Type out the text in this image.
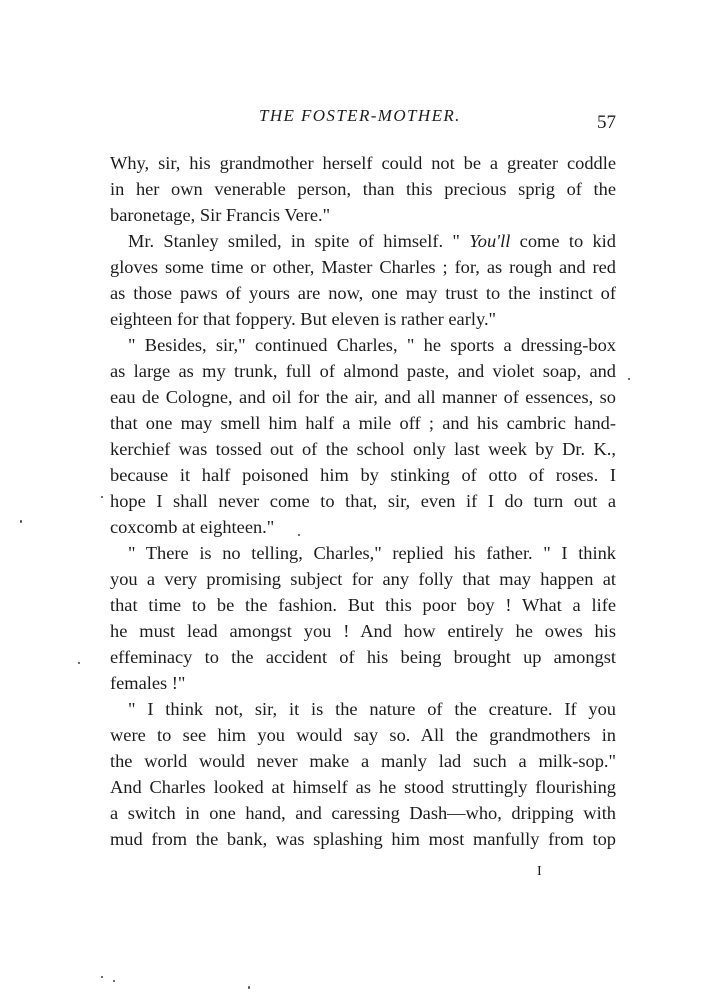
THE FOSTER-MOTHER.	57
Why, sir, his grandmother herself could not be a greater coddle
in her own venerable person, than this precious sprig of the
baronetage, Sir Francis Vere."
Mr. Stanley smiled, in spite of himself. " You'll come to kid
gloves some time or other, Master Charles ; for, as rough and red
as those paws of yours are now, one may trust to the instinct of
eighteen for that foppery. But eleven is rather early."
" Besides, sir," continued Charles, " he sports a dressing-box
as large as my trunk, full of almond paste, and violet soap, and
eau de Cologne, and oil for the air, and all manner of essences, so
that one may smell him half a mile off ; and his cambric hand-
kerchief was tossed out of the school only last week by Dr. K.,
because it half poisoned him by stinking of otto of roses. I
hope I shall never come to that, sir, even if I do turn out a
coxcomb at eighteen."
" There is no telling, Charles," replied his father. " I think
you a very promising subject for any folly that may happen at
that time to be the fashion. But this poor boy ! What a life
he must lead amongst you ! And how entirely he owes his
effeminacy to the accident of his being brought up amongst
females !"
" I think not, sir, it is the nature of the creature. If you
were to see him you would say so. All the grandmothers in
the world would never make a manly lad such a milk-sop."
And Charles looked at himself as he stood struttingly flourishing
a switch in one hand, and caressing Dash—who, dripping with
mud from the bank, was splashing him most manfully from top
I
